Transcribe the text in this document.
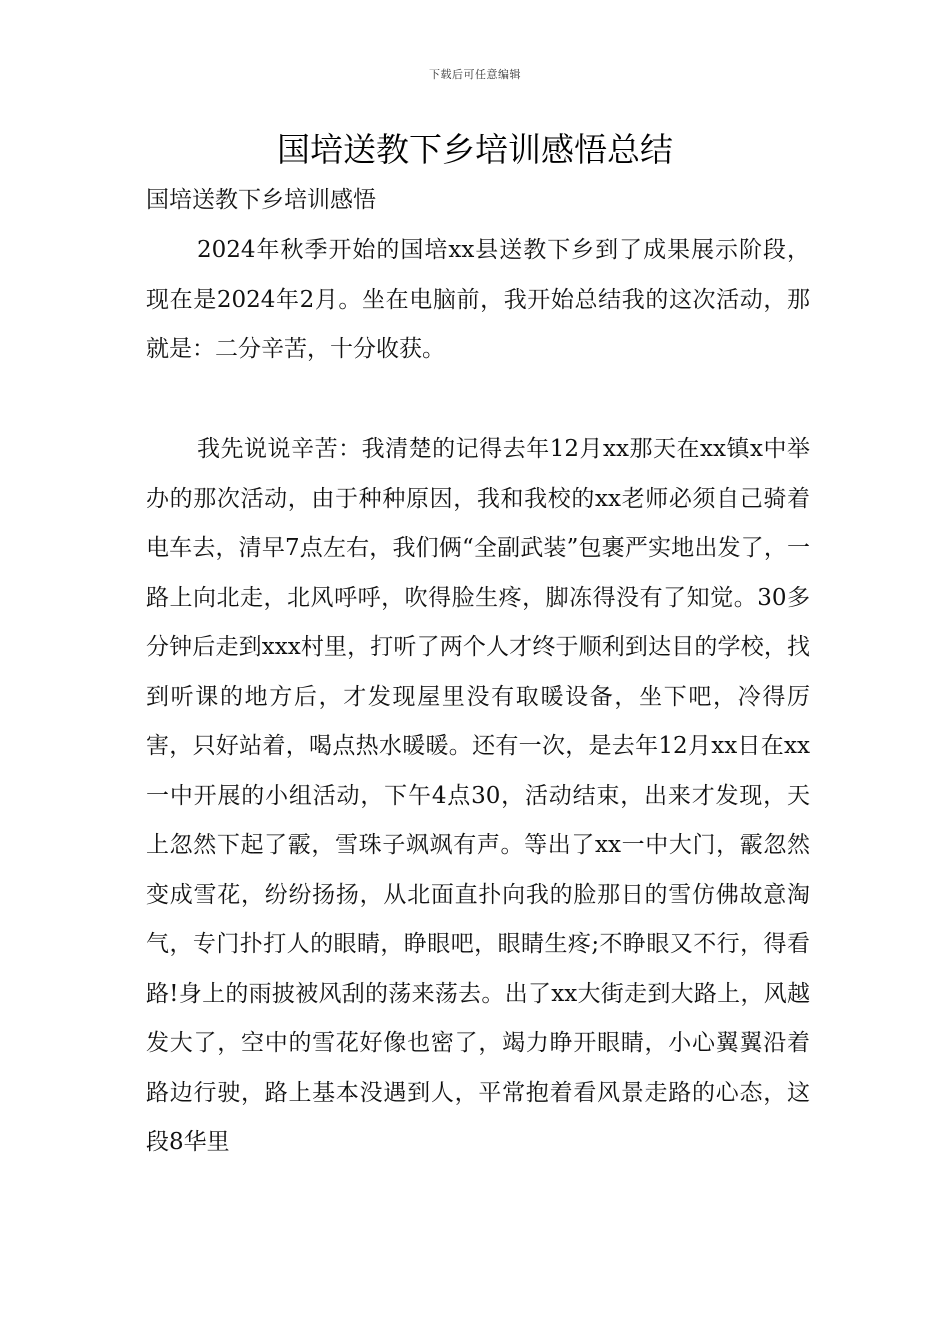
下载后可任意编辑
国培送教下乡培训感悟总结

国培送教下乡培训感悟

2024年秋季开始的国培xx县送教下乡到了成果展示阶段，现在是2024年2月。坐在电脑前，我开始总结我的这次活动，那就是：二分辛苦，十分收获。

我先说说辛苦：我清楚的记得去年12月xx那天在xx镇x中举办的那次活动，由于种种原因，我和我校的xx老师必须自己骑着电车去，清早7点左右，我们俩“全副武装”包裹严实地出发了，一路上向北走，北风呼呼，吹得脸生疼，脚冻得没有了知觉。30多分钟后走到xxx村里，打听了两个人才终于顺利到达目的学校，找到听课的地方后，才发现屋里没有取暖设备，坐下吧，冷得厉害，只好站着，喝点热水暖暖。还有一次，是去年12月xx日在xx一中开展的小组活动，下午4点30，活动结束，出来才发现，天上忽然下起了霰，雪珠子飒飒有声。等出了xx一中大门，霰忽然变成雪花，纷纷扬扬，从北面直扑向我的脸那日的雪仿佛故意淘气，专门扑打人的眼睛，睁眼吧，眼睛生疼;不睁眼又不行，得看路!身上的雨披被风刮的荡来荡去。出了xx大街走到大路上，风越发大了，空中的雪花好像也密了，竭力睁开眼睛，小心翼翼沿着路边行驶，路上基本没遇到人，平常抱着看风景走路的心态，这段8华里
